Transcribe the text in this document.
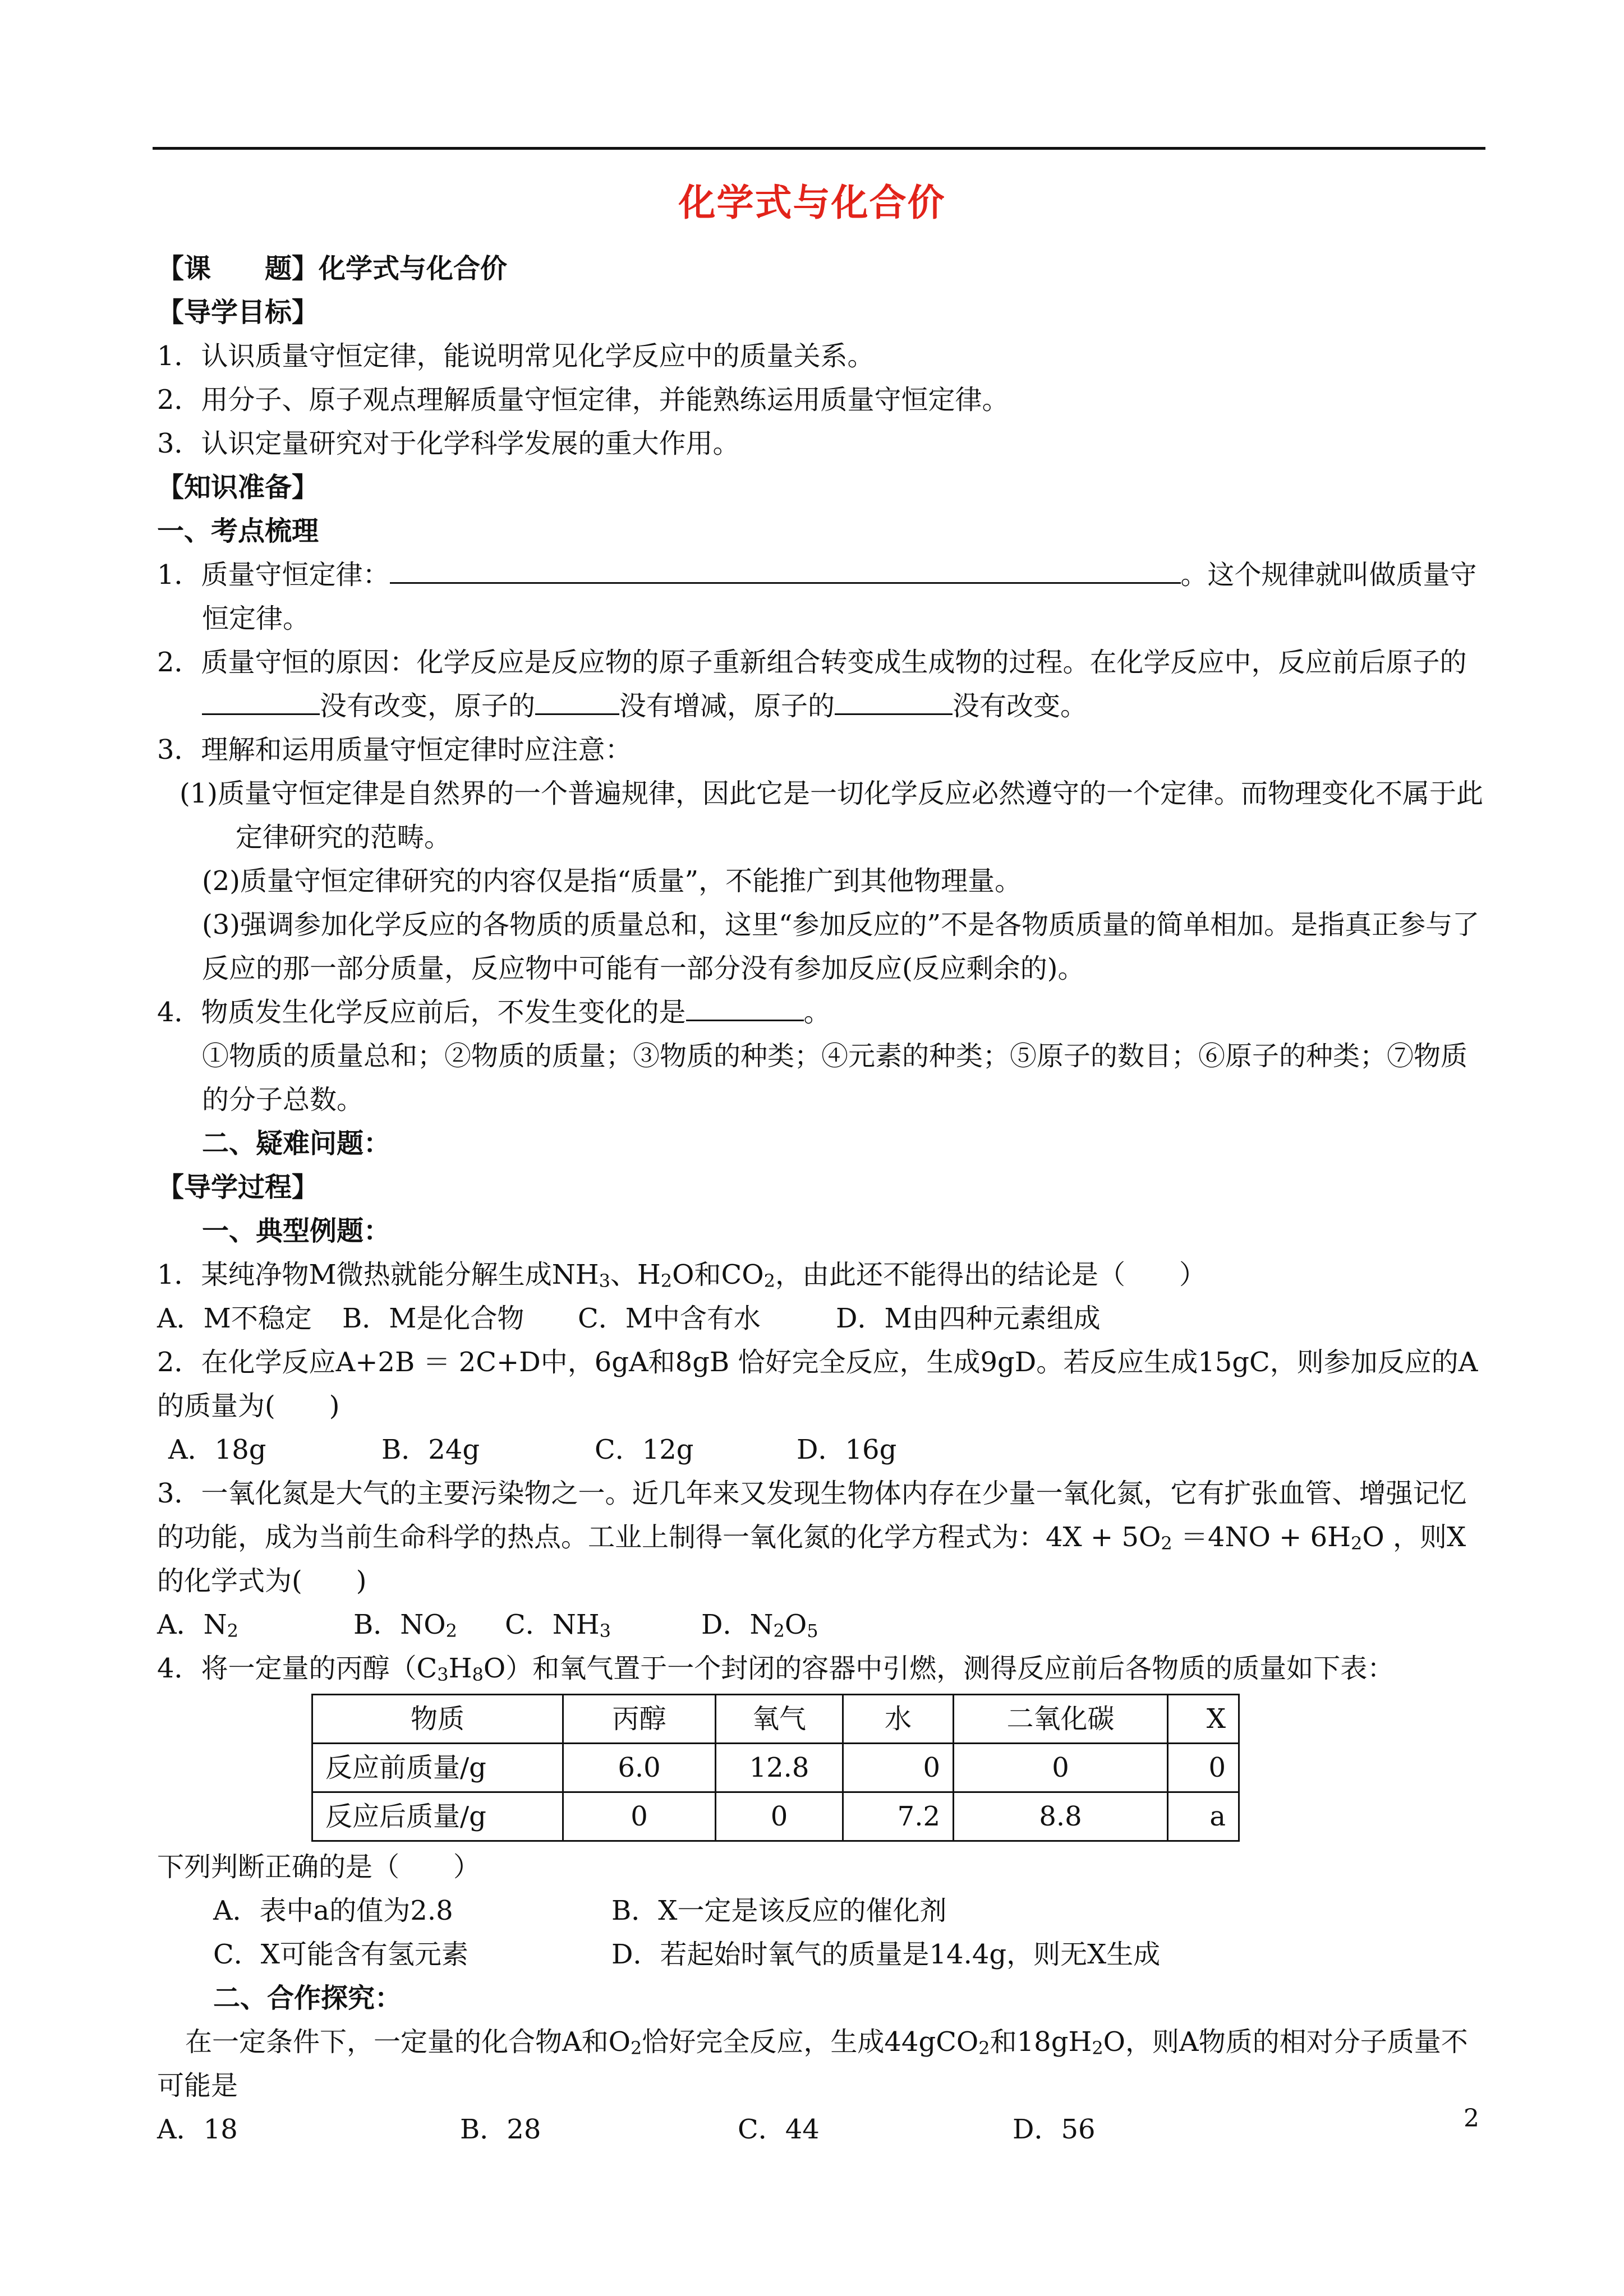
化学式与化合价
【课　　题】化学式与化合价
【导学目标】
1．认识质量守恒定律，能说明常见化学反应中的质量关系。
2．用分子、原子观点理解质量守恒定律，并能熟练运用质量守恒定律。
3．认识定量研究对于化学科学发展的重大作用。
【知识准备】
一、考点梳理
1．质量守恒定律：	。这个规律就叫做质量守恒定律。
2．质量守恒的原因：化学反应是反应物的原子重新组合转变成生成物的过程。在化学反应中，反应前后原子的 没有改变，原子的	没有增减，原子的	没有改变。
3．理解和运用质量守恒定律时应注意：
(1)质量守恒定律是自然界的一个普遍规律，因此它是一切化学反应必然遵守的一个定律。而物理变化不属于此定律研究的范畴。
(2)质量守恒定律研究的内容仅是指“质量”，不能推广到其他物理量。
(3)强调参加化学反应的各物质的质量总和，这里“参加反应的”不是各物质质量的简单相加。是指真正参与了反应的那一部分质量，反应物中可能有一部分没有参加反应(反应剩余的)。
4．物质发生化学反应前后，不发生变化的是	。
①物质的质量总和；②物质的质量；③物质的种类；④元素的种类；⑤原子的数目；⑥原子的种类；⑦物质的分子总数。
二、疑难问题：
【导学过程】
一、典型例题：
1．某纯净物M微热就能分解生成$NH_3$、$H_2O$和$CO_2$，由此还不能得出的结论是（　　）
A．M不稳定 B．M是化合物 C．M中含有水	D．M由四种元素组成
2．在化学反应A+2B ＝ 2C+D中，6gA和8gB 恰好完全反应，生成9gD。若反应生成15gC，则参加反应的A的质量为(　　)
A．18g	B．24g	C．12g	D．16g
3．一氧化氮是大气的主要污染物之一。近几年来又发现生物体内存在少量一氧化氮，它有扩张血管、增强记忆的功能，成为当前生命科学的热点。工业上制得一氧化氮的化学方程式为：$4X + 5O_2 =4NO + 6H_2O$ ，则X的化学式为(　　)
A．$N_2$	B．$NO_2$ C．$NH_3$	D．$N_2O_5$
4．将一定量的丙醇$(C_3H_8O)$和氧气置于一个封闭的容器中引燃，测得反应前后各物质的质量如下表：
物质	丙醇	氧气	水	二氧化碳	X
反应前质量/g	6.0	12.8	0	0	0
反应后质量/g	0	0	7.2	8.8	a
下列判断正确的是（　　）
A．表中a的值为2.8	B．X一定是该反应的催化剂
C．X可能含有氢元素	D．若起始时氧气的质量是14.4g，则无X生成
二、合作探究：
在一定条件下，一定量的化合物A和$O_2$恰好完全反应，生成44gCO$_2$和$18gH_2O$，则A物质的相对分子质量不可能是
A．18	B．28	C．44	D．56	2
